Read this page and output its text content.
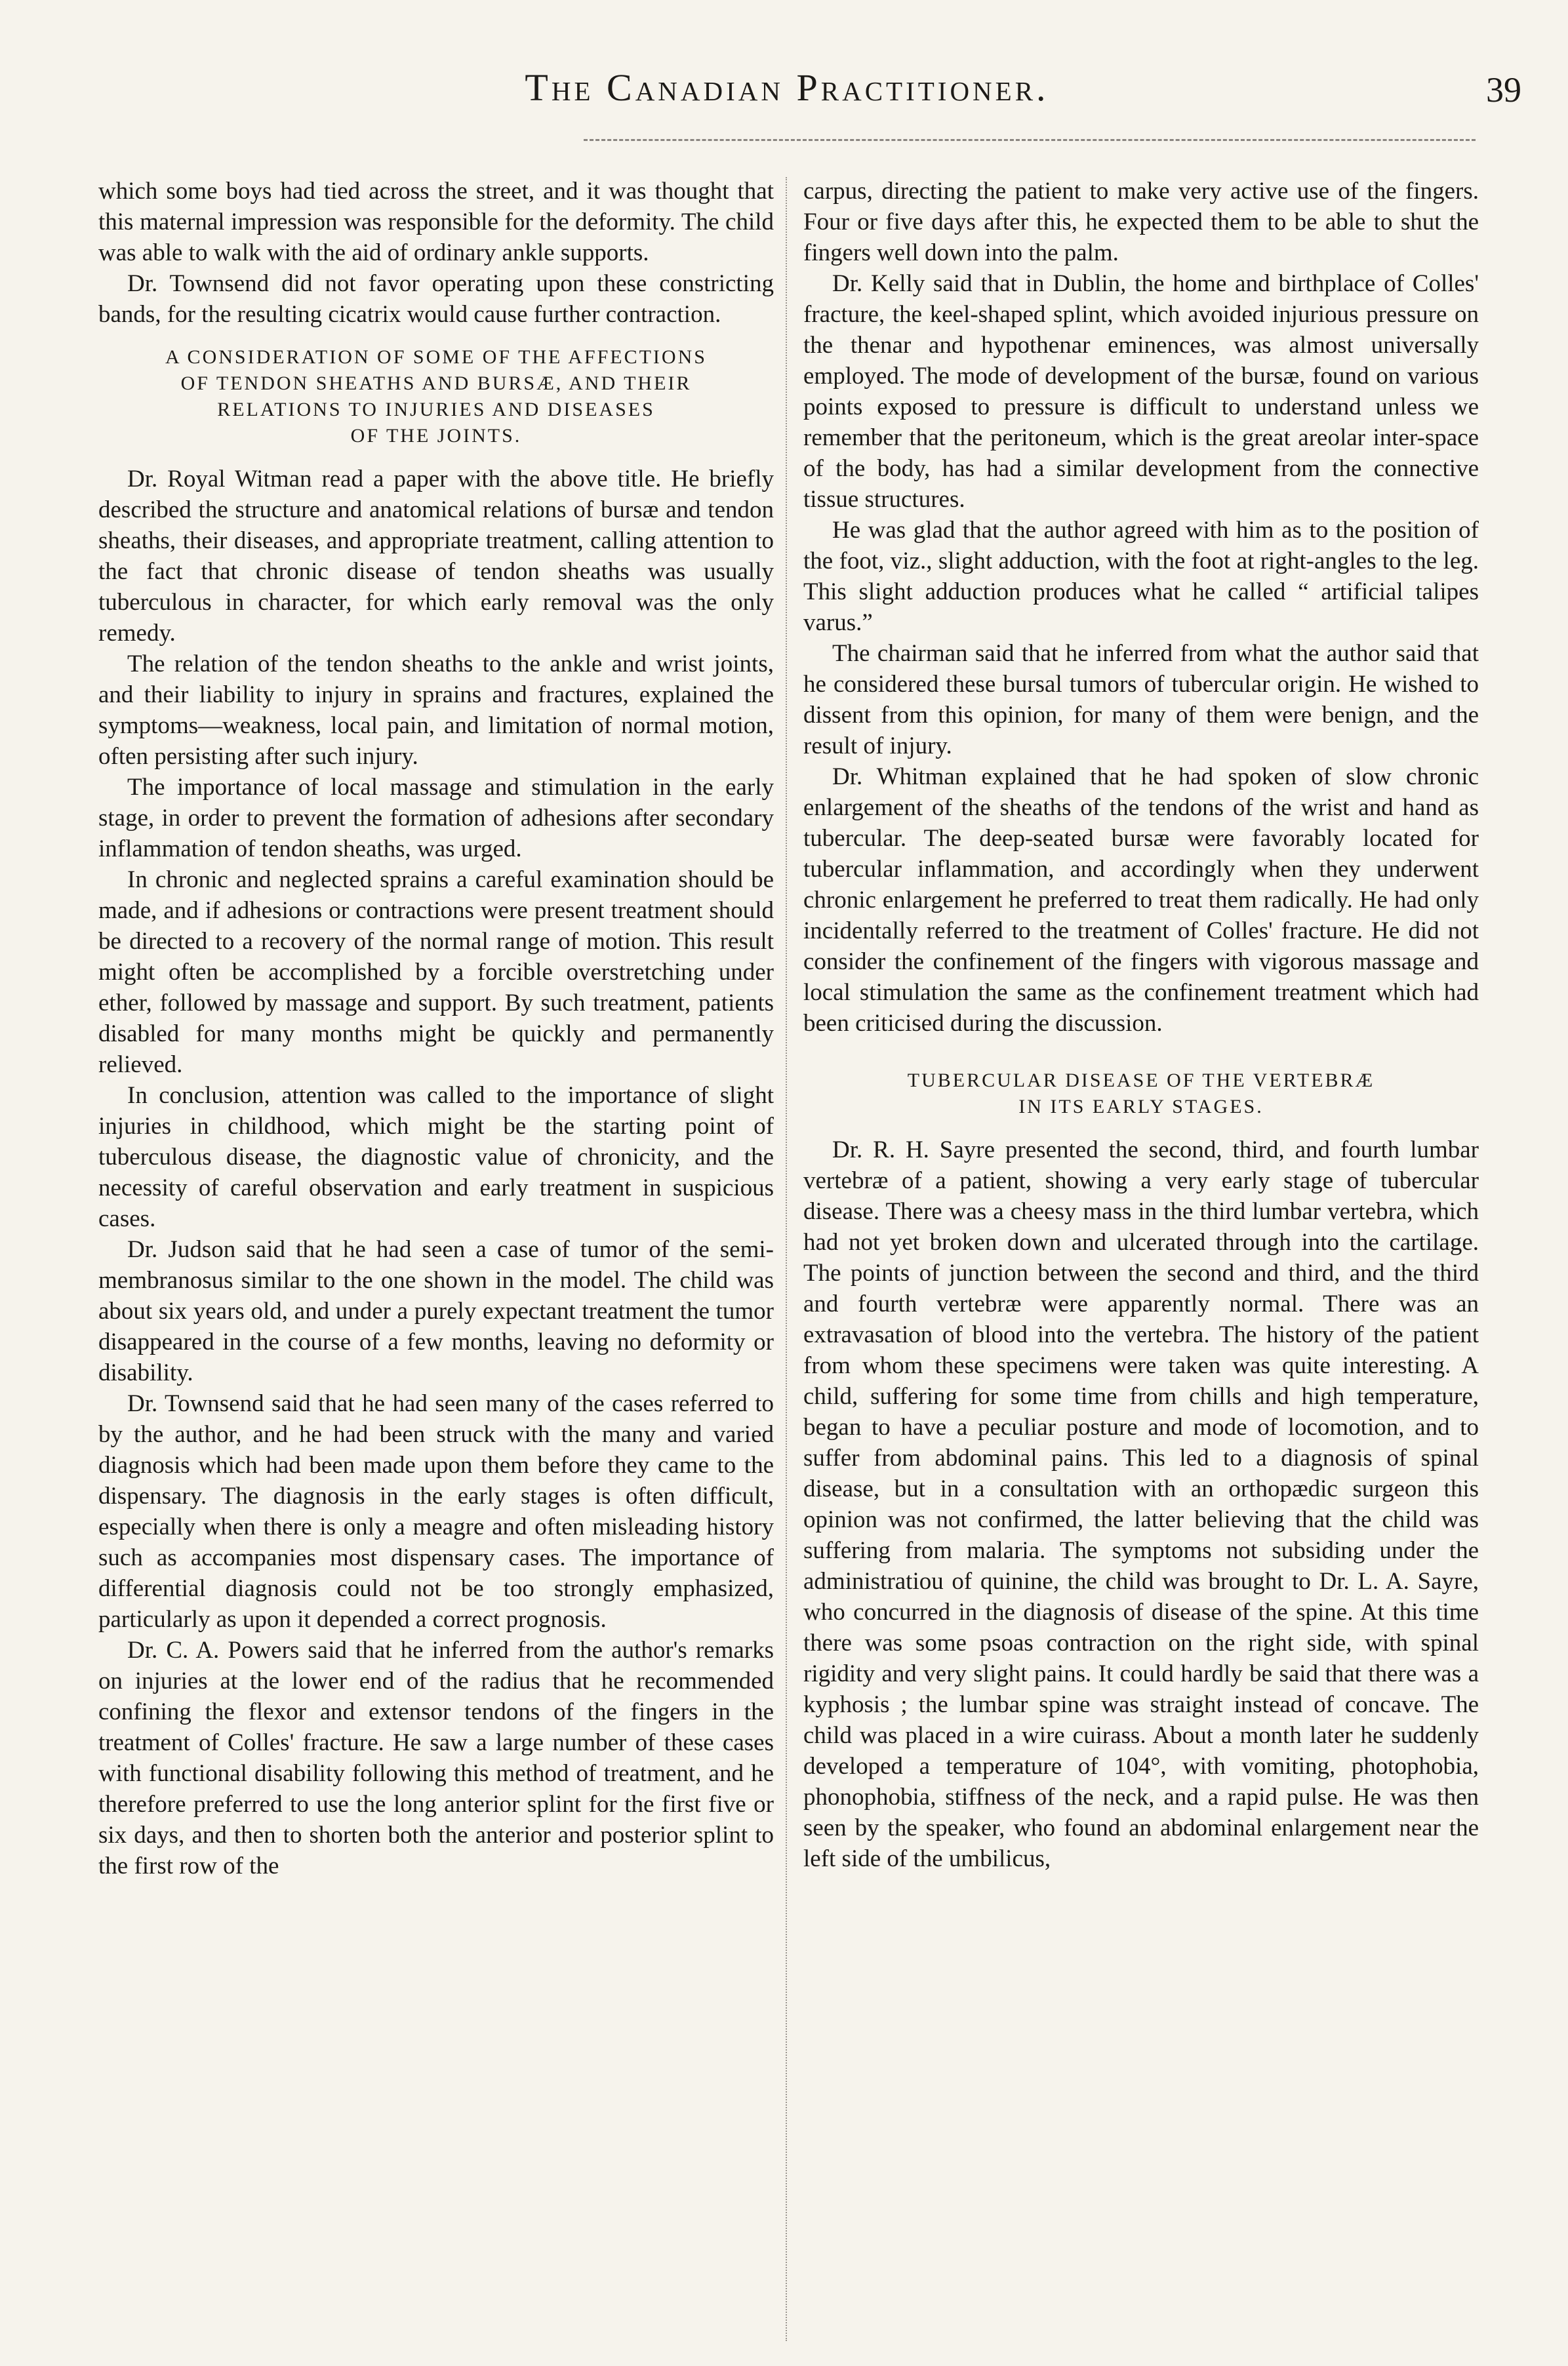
The Canadian Practitioner.	39

which some boys had tied across the street, and it was thought that this maternal impression was responsible for the deformity. The child was able to walk with the aid of ordinary ankle supports.

Dr. Townsend did not favor operating upon these constricting bands, for the resulting cicatrix would cause further contraction.

A CONSIDERATION OF SOME OF THE AFFECTIONS
OF TENDON SHEATHS AND BURSÆ, AND THEIR
RELATIONS TO INJURIES AND DISEASES
OF THE JOINTS.

Dr. Royal Witman read a paper with the above title. He briefly described the structure and anatomical relations of bursæ and tendon sheaths, their diseases, and appropriate treatment, calling attention to the fact that chronic disease of tendon sheaths was usually tuberculous in character, for which early removal was the only remedy.

The relation of the tendon sheaths to the ankle and wrist joints, and their liability to injury in sprains and fractures, explained the symptoms—weakness, local pain, and limitation of normal motion, often persisting after such injury.

The importance of local massage and stimulation in the early stage, in order to prevent the formation of adhesions after secondary inflammation of tendon sheaths, was urged.

In chronic and neglected sprains a careful examination should be made, and if adhesions or contractions were present treatment should be directed to a recovery of the normal range of motion. This result might often be accomplished by a forcible overstretching under ether, followed by massage and support. By such treatment, patients disabled for many months might be quickly and permanently relieved.

In conclusion, attention was called to the importance of slight injuries in childhood, which might be the starting point of tuberculous disease, the diagnostic value of chronicity, and the necessity of careful observation and early treatment in suspicious cases.

Dr. Judson said that he had seen a case of tumor of the semi-membranosus similar to the one shown in the model. The child was about six years old, and under a purely expectant treatment the tumor disappeared in the course of a few months, leaving no deformity or disability.

Dr. Townsend said that he had seen many of the cases referred to by the author, and he had been struck with the many and varied diagnosis which had been made upon them before they came to the dispensary. The diagnosis in the early stages is often difficult, especially when there is only a meagre and often misleading history such as accompanies most dispensary cases. The importance of differential diagnosis could not be too strongly emphasized, particularly as upon it depended a correct prognosis.

Dr. C. A. Powers said that he inferred from the author's remarks on injuries at the lower end of the radius that he recommended confining the flexor and extensor tendons of the fingers in the treatment of Colles' fracture. He saw a large number of these cases with functional disability following this method of treatment, and he therefore preferred to use the long anterior splint for the first five or six days, and then to shorten both the anterior and posterior splint to the first row of the

carpus, directing the patient to make very active use of the fingers. Four or five days after this, he expected them to be able to shut the fingers well down into the palm.

Dr. Kelly said that in Dublin, the home and birthplace of Colles' fracture, the keel-shaped splint, which avoided injurious pressure on the thenar and hypothenar eminences, was almost universally employed. The mode of development of the bursæ, found on various points exposed to pressure is difficult to understand unless we remember that the peritoneum, which is the great areolar inter-space of the body, has had a similar development from the connective tissue structures.

He was glad that the author agreed with him as to the position of the foot, viz., slight adduction, with the foot at right-angles to the leg. This slight adduction produces what he called “ artificial talipes varus.”

The chairman said that he inferred from what the author said that he considered these bursal tumors of tubercular origin. He wished to dissent from this opinion, for many of them were benign, and the result of injury.

Dr. Whitman explained that he had spoken of slow chronic enlargement of the sheaths of the tendons of the wrist and hand as tubercular. The deep-seated bursæ were favorably located for tubercular inflammation, and accordingly when they underwent chronic enlargement he preferred to treat them radically. He had only incidentally referred to the treatment of Colles' fracture. He did not consider the confinement of the fingers with vigorous massage and local stimulation the same as the confinement treatment which had been criticised during the discussion.

TUBERCULAR DISEASE OF THE VERTEBRÆ
IN ITS EARLY STAGES.

Dr. R. H. Sayre presented the second, third, and fourth lumbar vertebræ of a patient, showing a very early stage of tubercular disease. There was a cheesy mass in the third lumbar vertebra, which had not yet broken down and ulcerated through into the cartilage. The points of junction between the second and third, and the third and fourth vertebræ were apparently normal. There was an extravasation of blood into the vertebra. The history of the patient from whom these specimens were taken was quite interesting. A child, suffering for some time from chills and high temperature, began to have a peculiar posture and mode of locomotion, and to suffer from abdominal pains. This led to a diagnosis of spinal disease, but in a consultation with an orthopædic surgeon this opinion was not confirmed, the latter believing that the child was suffering from malaria. The symptoms not subsiding under the administratiou of quinine, the child was brought to Dr. L. A. Sayre, who concurred in the diagnosis of disease of the spine. At this time there was some psoas contraction on the right side, with spinal rigidity and very slight pains. It could hardly be said that there was a kyphosis ; the lumbar spine was straight instead of concave. The child was placed in a wire cuirass. About a month later he suddenly developed a temperature of 104°, with vomiting, photophobia, phonophobia, stiffness of the neck, and a rapid pulse. He was then seen by the speaker, who found an abdominal enlargement near the left side of the umbilicus,
